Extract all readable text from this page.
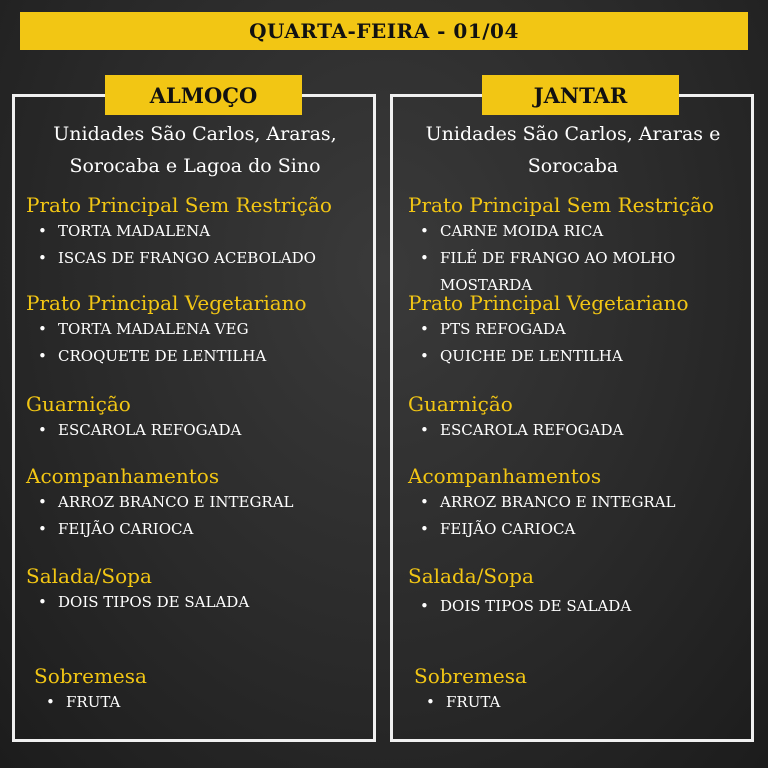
QUARTA-FEIRA - 01/04
ALMOÇO	JANTAR
Unidades São Carlos, Araras,
Sorocaba e Lagoa do Sino
Unidades São Carlos, Araras e
Sorocaba
Prato Principal Sem Restrição
• TORTA MADALENA
• ISCAS DE FRANGO ACEBOLADO
Prato Principal Vegetariano
• TORTA MADALENA VEG
• CROQUETE DE LENTILHA
Guarnição
• ESCAROLA REFOGADA
Acompanhamentos
• ARROZ BRANCO E INTEGRAL
• FEIJÃO CARIOCA
Salada/Sopa
• DOIS TIPOS DE SALADA
Sobremesa
• FRUTA
Prato Principal Sem Restrição
• CARNE MOIDA RICA
• FILÉ DE FRANGO AO MOLHO
MOSTARDA
Prato Principal Vegetariano
• PTS REFOGADA
• QUICHE DE LENTILHA
Guarnição
• ESCAROLA REFOGADA
Acompanhamentos
• ARROZ BRANCO E INTEGRAL
• FEIJÃO CARIOCA
Salada/Sopa
• DOIS TIPOS DE SALADA
Sobremesa
• FRUTA
